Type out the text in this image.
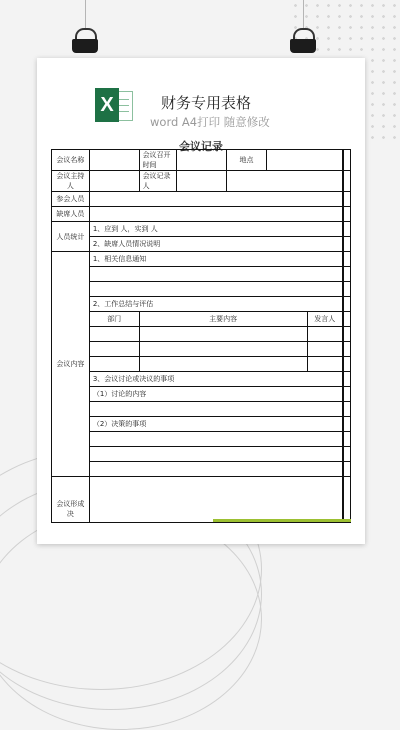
X	财务专用表格
word A4打印 随意修改
会议记录
会议名称		会议召开时间		地点			
会议主持人		会议记录人					
参会人员							
缺席人员							
人员统计	1、应到 人，实到 人						
	2、缺席人员情况说明						
会议内容	1、相关信息通知						

	2、工作总结与评估						
	部门	主要内容				发言人	

	3、会议讨论或决议的事项						
	（1）讨论的内容						

	（2）决策的事项						

会议形成决							
